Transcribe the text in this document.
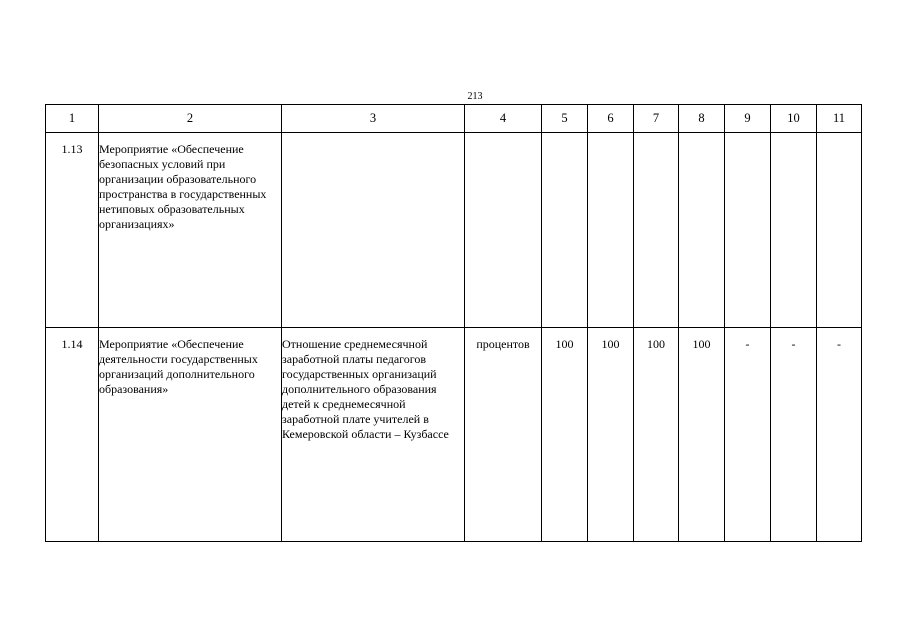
213
1	2	3	4	5	6	7	8	9	10	11
1.13	Мероприятие «Обеспечение безопасных условий при организации образовательного пространства в государственных нетиповых образовательных организациях»									
1.14	Мероприятие «Обеспечение деятельности государственных организаций дополнительного образования»	Отношение среднемесячной заработной платы педагогов государственных организаций дополнительного образования детей к среднемесячной заработной плате учителей в Кемеровской области – Кузбассе	процентов	100	100	100	100	-	-	-
